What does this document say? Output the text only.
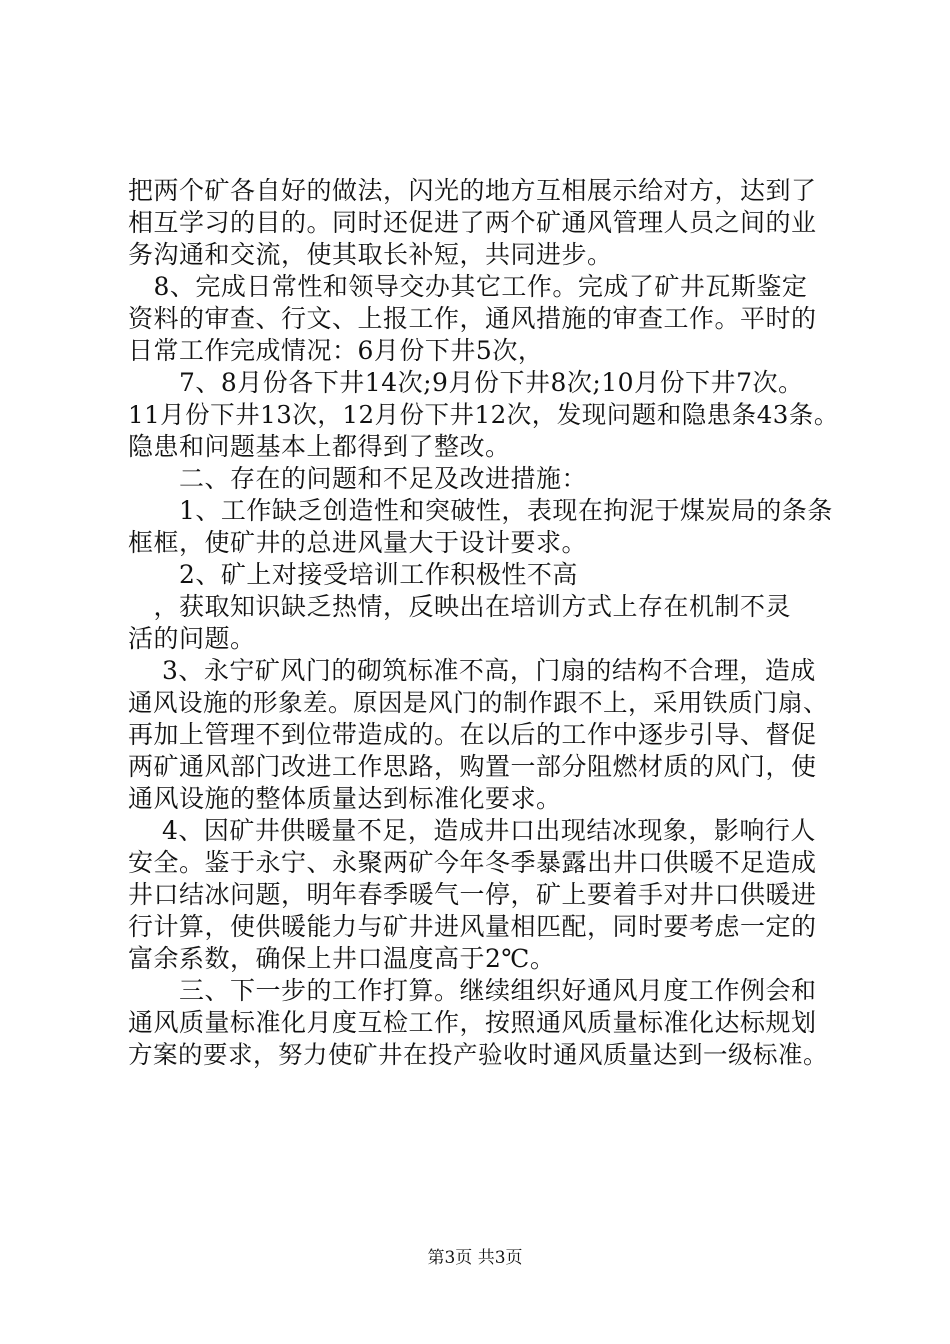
把两个矿各自好的做法，闪光的地方互相展示给对方，达到了
相互学习的目的。同时还促进了两个矿通风管理人员之间的业
务沟通和交流，使其取长补短，共同进步。
　8、完成日常性和领导交办其它工作。完成了矿井瓦斯鉴定
资料的审查、行文、上报工作，通风措施的审查工作。平时的
日常工作完成情况：6月份下井5次，
　　7、8月份各下井14次;9月份下井8次;10月份下井7次。
11月份下井13次，12月份下井12次，发现问题和隐患条43条。
隐患和问题基本上都得到了整改。
　　二、存在的问题和不足及改进措施：
　　1、工作缺乏创造性和突破性，表现在拘泥于煤炭局的条条
框框，使矿井的总进风量大于设计要求。
　　2、矿上对接受培训工作积极性不高
　，获取知识缺乏热情，反映出在培训方式上存在机制不灵
活的问题。
　 3、永宁矿风门的砌筑标准不高，门扇的结构不合理，造成
通风设施的形象差。原因是风门的制作跟不上，采用铁质门扇、
再加上管理不到位带造成的。在以后的工作中逐步引导、督促
两矿通风部门改进工作思路，购置一部分阻燃材质的风门，使
通风设施的整体质量达到标准化要求。
　 4、因矿井供暖量不足，造成井口出现结冰现象，影响行人
安全。鉴于永宁、永聚两矿今年冬季暴露出井口供暖不足造成
井口结冰问题，明年春季暖气一停，矿上要着手对井口供暖进
行计算，使供暖能力与矿井进风量相匹配，同时要考虑一定的
富余系数，确保上井口温度高于2℃。
　　三、下一步的工作打算。继续组织好通风月度工作例会和
通风质量标准化月度互检工作，按照通风质量标准化达标规划
方案的要求，努力使矿井在投产验收时通风质量达到一级标准。
第3页 共3页
